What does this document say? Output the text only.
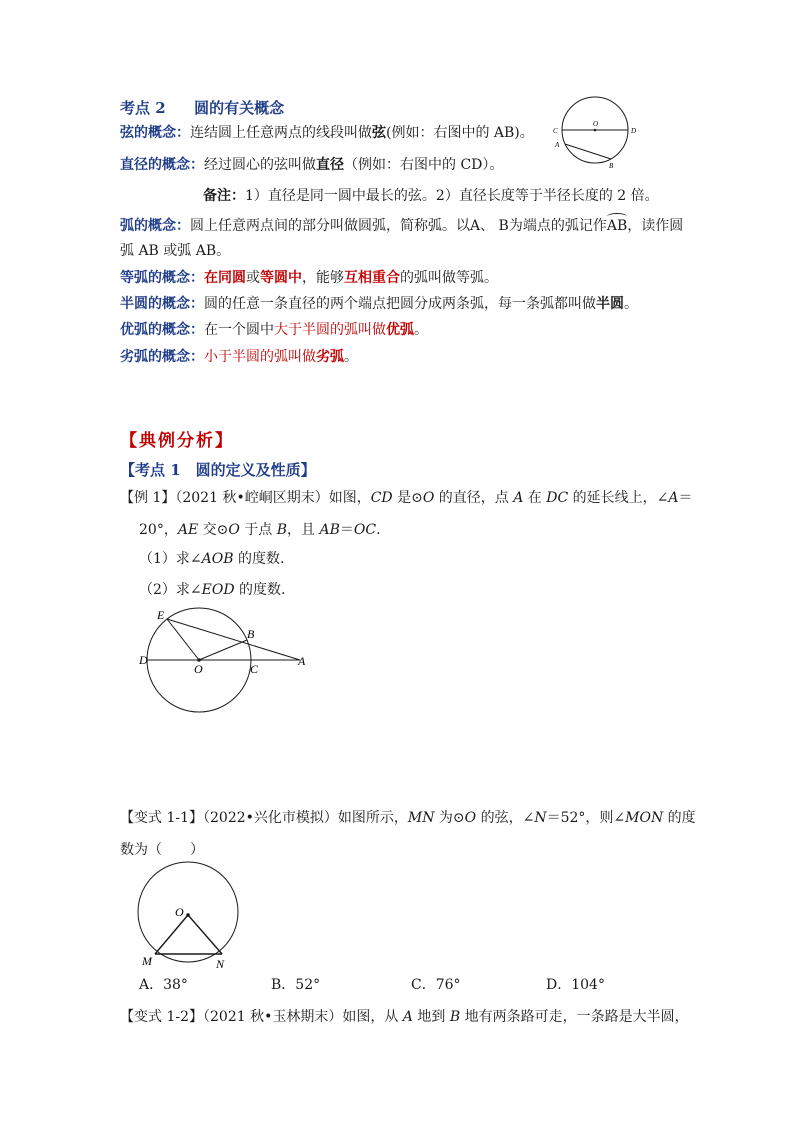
考点 2 圆的有关概念
弦的概念：连结圆上任意两点的线段叫做弦(例如：右图中的 AB)。
直径的概念：经过圆心的弦叫做直径（例如：右图中的 CD）。
备注：1）直径是同一圆中最长的弦。2）直径长度等于半径长度的 2 倍。
弧的概念：圆上任意两点间的部分叫做圆弧，简称弧。以A、 B为端点的弧记作AB，读作圆
弧 AB 或弧 AB。
等弧的概念：在同圆或等圆中，能够互相重合的弧叫做等弧。
半圆的概念：圆的任意一条直径的两个端点把圆分成两条弧，每一条弧都叫做半圆。
优弧的概念：在一个圆中大于半圆的弧叫做优弧。
劣弧的概念：小于半圆的弧叫做劣弧。
C
O
D
A
B
【典例分析】
【考点 1　圆的定义及性质】
【例 1】（2021 秋•崆峒区期末）如图，CD 是⊙O 的直径，点 A 在 DC 的延长线上，∠A＝
20°，AE 交⊙O 于点 B，且 AB＝OC.
（1）求∠AOB 的度数.
（2）求∠EOD 的度数.
E
B
D
O	C
A
【变式 1-1】（2022•兴化市模拟）如图所示，MN 为⊙O 的弦，∠N＝52°，则∠MON 的度
数为（　　）
O
M	N
A．38°	B．52°	C．76°	D．104°
【变式 1-2】（2021 秋•玉林期末）如图，从 A 地到 B 地有两条路可走，一条路是大半圆，
